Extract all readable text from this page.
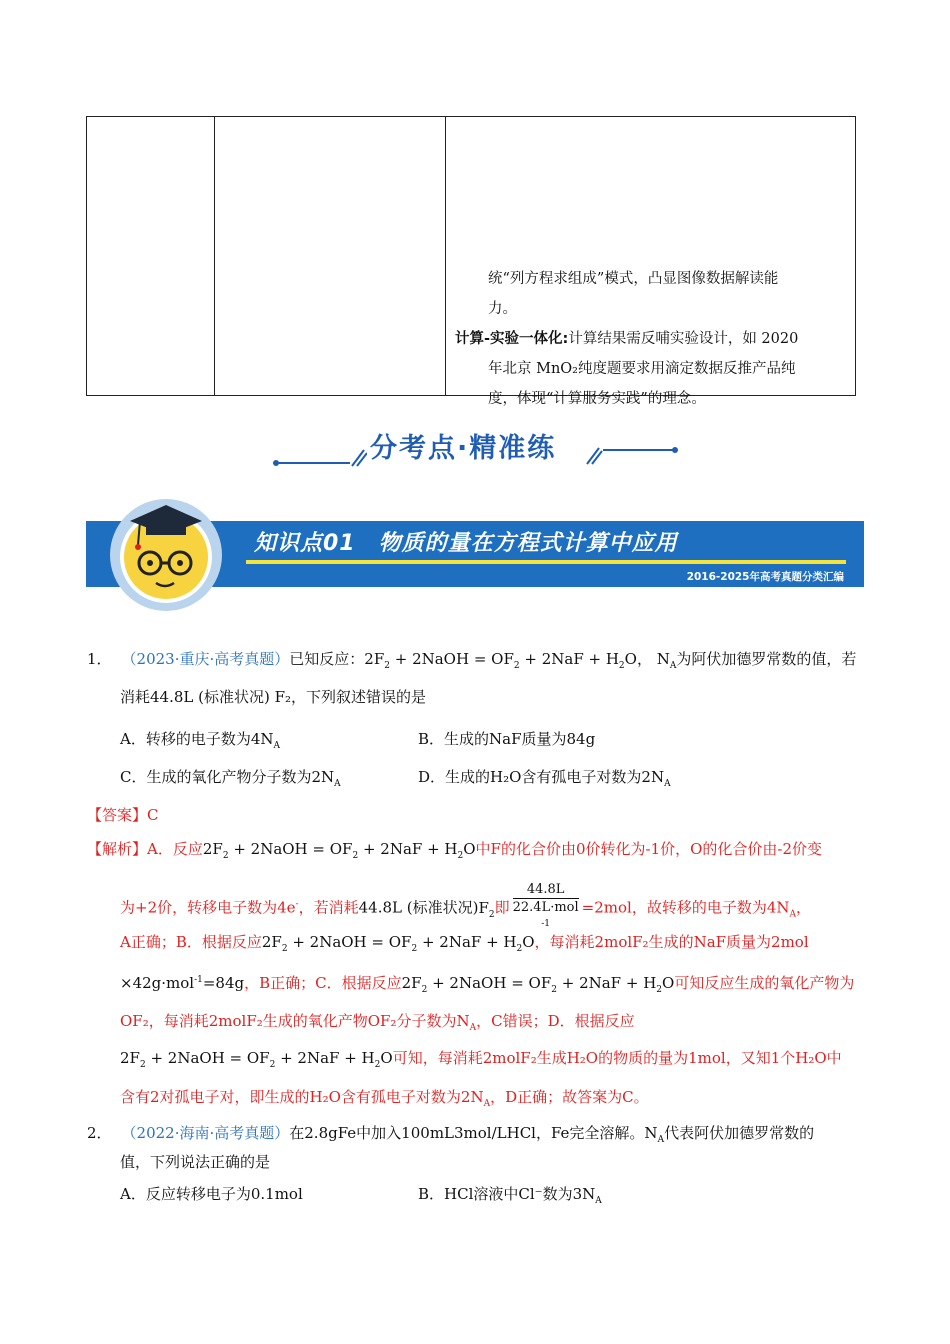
统“列方程求组成”模式，凸显图像数据解读能

力。

计算-实验一体化:计算结果需反哺实验设计，如 2020

年北京 MnO₂纯度题要求用滴定数据反推产品纯

度，体现“计算服务实践”的理念。

分考点·精准练
知识点01　物质的量在方程式计算中应用
2016-2025年高考真题分类汇编
1． （2023·重庆·高考真题）已知反应：$2F_2$ + 2NaOH = $OF_2 + 2NaF + H_2O$， $N_A$为阿伏加德罗常数的值，若
消耗44.8L (标准状况) F₂，下列叙述错误的是
A．转移的电子数为$4N_A$	B．生成的NaF质量为84g
C．生成的氧化产物分子数为$2N_A$	D．生成的H₂O含有孤电子对数为$2N_A$
【答案】C
【解析】A．反应$2F_2$ + 2NaOH = $OF_2 + 2NaF + H_2O$中F的化合价由0价转化为-1价，O的化合价由-2价变
为+2价，转移电子数为4e-，若消耗44.8L (标准状况)$F_2$即 44.8L
22.4L·mol
$^{-1}$ =2mol，故转移的电子数为$4N_A$，
A正确；B．根据反应$2F_2$ + 2NaOH = $OF_2 + 2NaF + H_2O$，每消耗2molF₂生成的NaF质量为2mol
×42g·mol$^{-1}$=84g，B正确；C．根据反应$2F_2$ + 2NaOH = $OF_2 + 2NaF + H_2O$可知反应生成的氧化产物为
OF₂，每消耗2molF₂生成的氧化产物OF₂分子数为$N_A$，C错误；D．根据反应
$2F_2$ + 2NaOH = $OF_2 + 2NaF + H_2O$可知，每消耗2molF₂生成H₂O的物质的量为1mol，又知1个H₂O中
含有2对孤电子对，即生成的H₂O含有孤电子对数为$2N_A$，D正确；故答案为C。
2． （2022·海南·高考真题）在2.8gFe中加入100mL3mol/LHCl，Fe完全溶解。$N_A$代表阿伏加德罗常数的
值，下列说法正确的是
A．反应转移电子为0.1mol	B．HCl溶液中Cl⁻数为$3N_A$
